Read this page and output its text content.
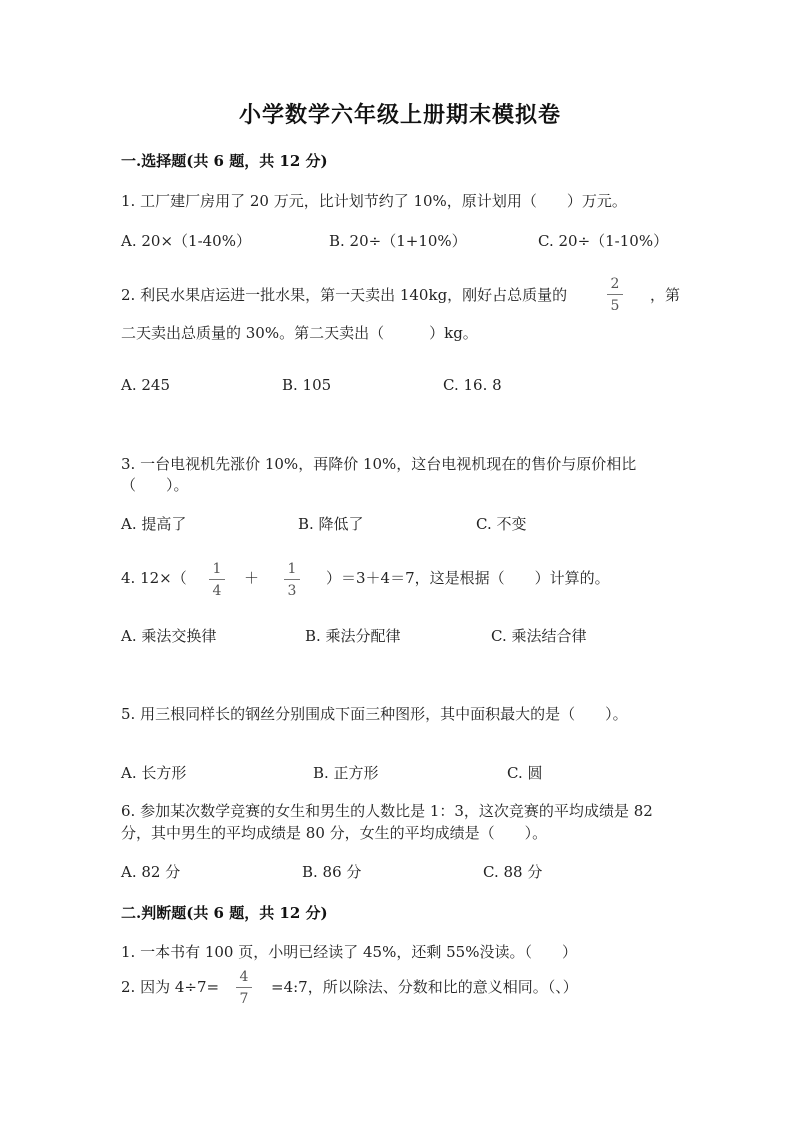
小学数学六年级上册期末模拟卷
一.选择题(共 6 题，共 12 分)
1. 工厂建厂房用了 20 万元，比计划节约了 10%，原计划用（　　）万元。
A. 20×（1-40%）	B. 20÷（1+10%）	C. 20÷（1-10%）
2. 利民水果店运进一批水果，第一天卖出 140kg，刚好占总质量的
2
5
，第
二天卖出总质量的 30%。第二天卖出（　　　）kg。
A. 245	B. 105	C. 16. 8
3. 一台电视机先涨价 10%，再降价 10%，这台电视机现在的售价与原价相比
（　　）。
A. 提高了	B. 降低了	C. 不变
4. 12×（ 1
4
＋ 1
3
）＝3＋4＝7，这是根据（　　）计算的。
A. 乘法交换律	B. 乘法分配律	C. 乘法结合律
5. 用三根同样长的钢丝分别围成下面三种图形，其中面积最大的是（　　）。
A. 长方形	B. 正方形	C. 圆
6. 参加某次数学竞赛的女生和男生的人数比是 1：3，这次竞赛的平均成绩是 82
分，其中男生的平均成绩是 80 分，女生的平均成绩是（　　）。
A. 82 分	B. 86 分	C. 88 分
二.判断题(共 6 题，共 12 分)
1. 一本书有 100 页，小明已经读了 45%，还剩 55%没读。（　　）
2. 因为 4÷7=
4
7
=4:7，所以除法、分数和比的意义相同。（、）
